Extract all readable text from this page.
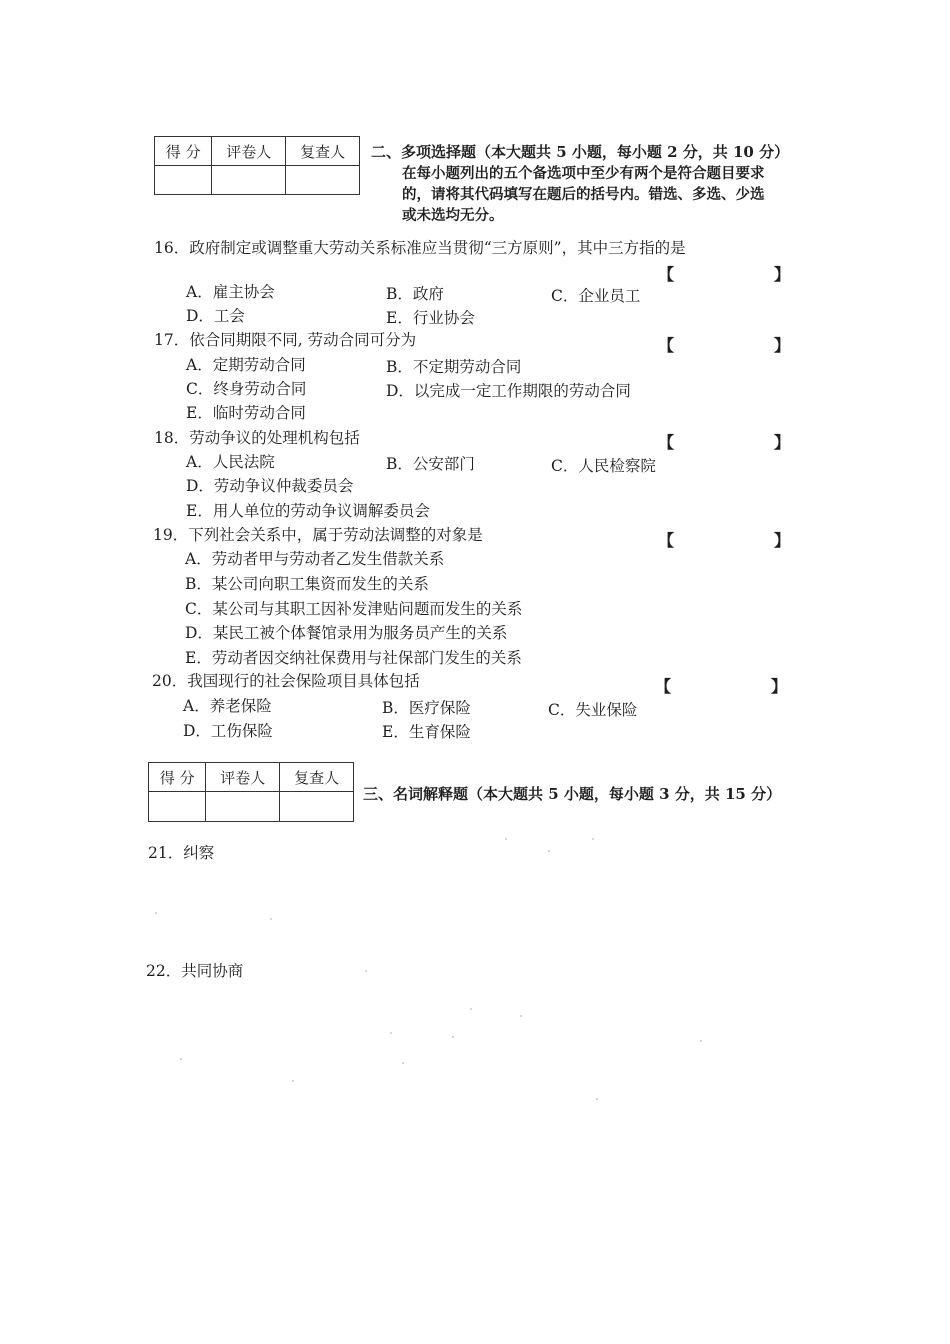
得 分	评卷人	复查人
		二、多项选择题（本大题共 5 小题，每小题 2 分，共 10 分）
在每小题列出的五个备选项中至少有两个是符合题目要求
的，请将其代码填写在题后的括号内。错选、多选、少选
或未选均无分。
16．政府制定或调整重大劳动关系标准应当贯彻“三方原则”，其中三方指的是
【	】
A．雇主协会	B．政府	C．企业员工
D．工会	E．行业协会
17．依合同期限不同, 劳动合同可分为	【	】
A．定期劳动合同	B．不定期劳动合同
C．终身劳动合同	D．以完成一定工作期限的劳动合同
E．临时劳动合同
18．劳动争议的处理机构包括	【	】
A．人民法院	B．公安部门	C．人民检察院
D．劳动争议仲裁委员会
E．用人单位的劳动争议调解委员会
19．下列社会关系中，属于劳动法调整的对象是	【	】
A．劳动者甲与劳动者乙发生借款关系
B．某公司向职工集资而发生的关系
C．某公司与其职工因补发津贴问题而发生的关系
D．某民工被个体餐馆录用为服务员产生的关系
E．劳动者因交纳社保费用与社保部门发生的关系
20．我国现行的社会保险项目具体包括	【	】
A．养老保险	B．医疗保险	C．失业保险
D．工伤保险	E．生育保险
得 分	评卷人	复查人

三、名词解释题（本大题共 5 小题，每小题 3 分，共 15 分）
21．纠察
22．共同协商
